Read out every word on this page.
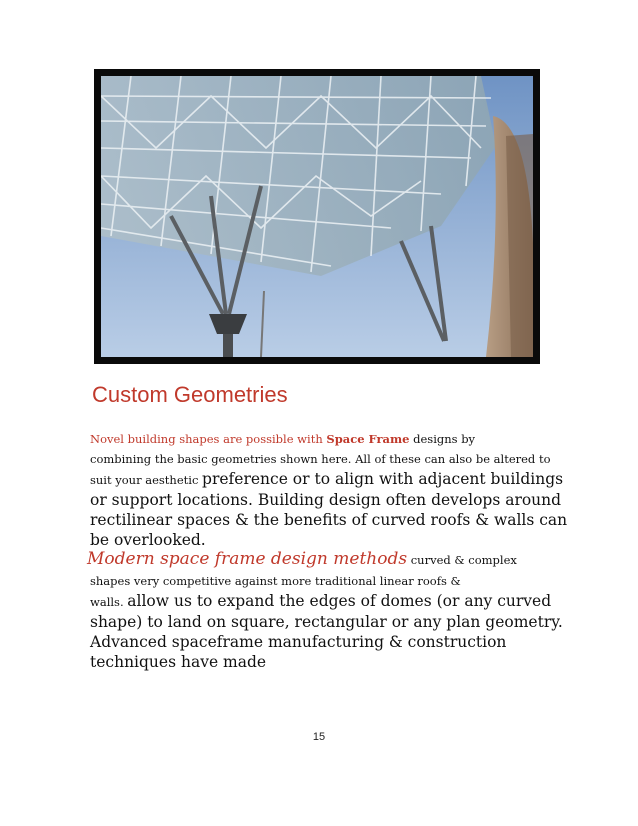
Custom Geometries

Novel building shapes are possible with Space Frame designs by
combining the basic geometries shown here. All of these can also be altered to
suit your aesthetic preference or to align with adjacent buildings
or support locations. Building design often develops around
rectilinear spaces & the benefits of curved roofs & walls can
be overlooked.

Modern space frame design methods curved & complex
shapes very competitive against more traditional linear roofs &
walls. allow us to expand the edges of domes (or any curved
shape) to land on square, rectangular or any plan geometry.
Advanced spaceframe manufacturing & construction
techniques have made

15
